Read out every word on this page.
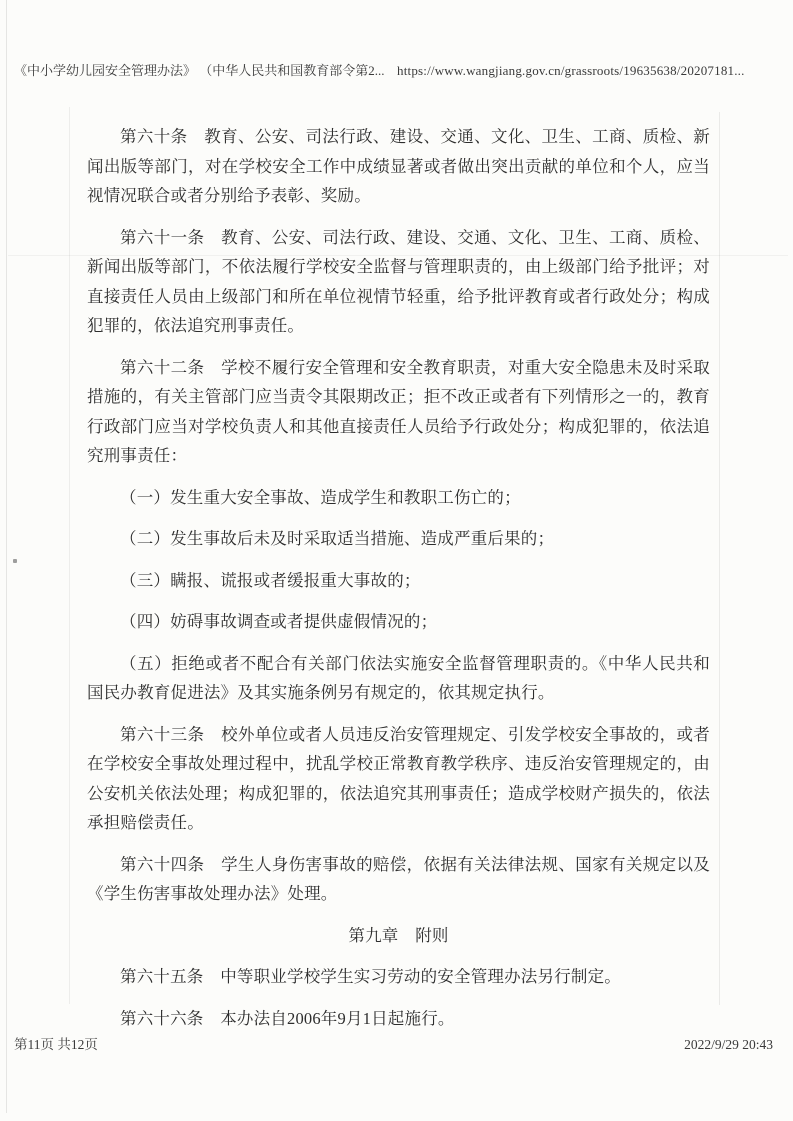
《中小学幼儿园安全管理办法》 （中华人民共和国教育部令第2... https://www.wangjiang.gov.cn/grassroots/19635638/20207181...

第六十条　教育、公安、司法行政、建设、交通、文化、卫生、工商、质检、新闻出版等部门，对在学校安全工作中成绩显著或者做出突出贡献的单位和个人，应当视情况联合或者分别给予表彰、奖励。

第六十一条　教育、公安、司法行政、建设、交通、文化、卫生、工商、质检、新闻出版等部门，不依法履行学校安全监督与管理职责的，由上级部门给予批评；对直接责任人员由上级部门和所在单位视情节轻重，给予批评教育或者行政处分；构成犯罪的，依法追究刑事责任。

第六十二条　学校不履行安全管理和安全教育职责，对重大安全隐患未及时采取措施的，有关主管部门应当责令其限期改正；拒不改正或者有下列情形之一的，教育行政部门应当对学校负责人和其他直接责任人员给予行政处分；构成犯罪的，依法追究刑事责任：

（一）发生重大安全事故、造成学生和教职工伤亡的；

（二）发生事故后未及时采取适当措施、造成严重后果的；

（三）瞒报、谎报或者缓报重大事故的；

（四）妨碍事故调查或者提供虚假情况的；

（五）拒绝或者不配合有关部门依法实施安全监督管理职责的。《中华人民共和国民办教育促进法》及其实施条例另有规定的，依其规定执行。

第六十三条　校外单位或者人员违反治安管理规定、引发学校安全事故的，或者在学校安全事故处理过程中，扰乱学校正常教育教学秩序、违反治安管理规定的，由公安机关依法处理；构成犯罪的，依法追究其刑事责任；造成学校财产损失的，依法承担赔偿责任。

第六十四条　学生人身伤害事故的赔偿，依据有关法律法规、国家有关规定以及《学生伤害事故处理办法》处理。

第九章　附则

第六十五条　中等职业学校学生实习劳动的安全管理办法另行制定。

第六十六条　本办法自2006年9月1日起施行。

第11页 共12页	2022/9/29 20:43
